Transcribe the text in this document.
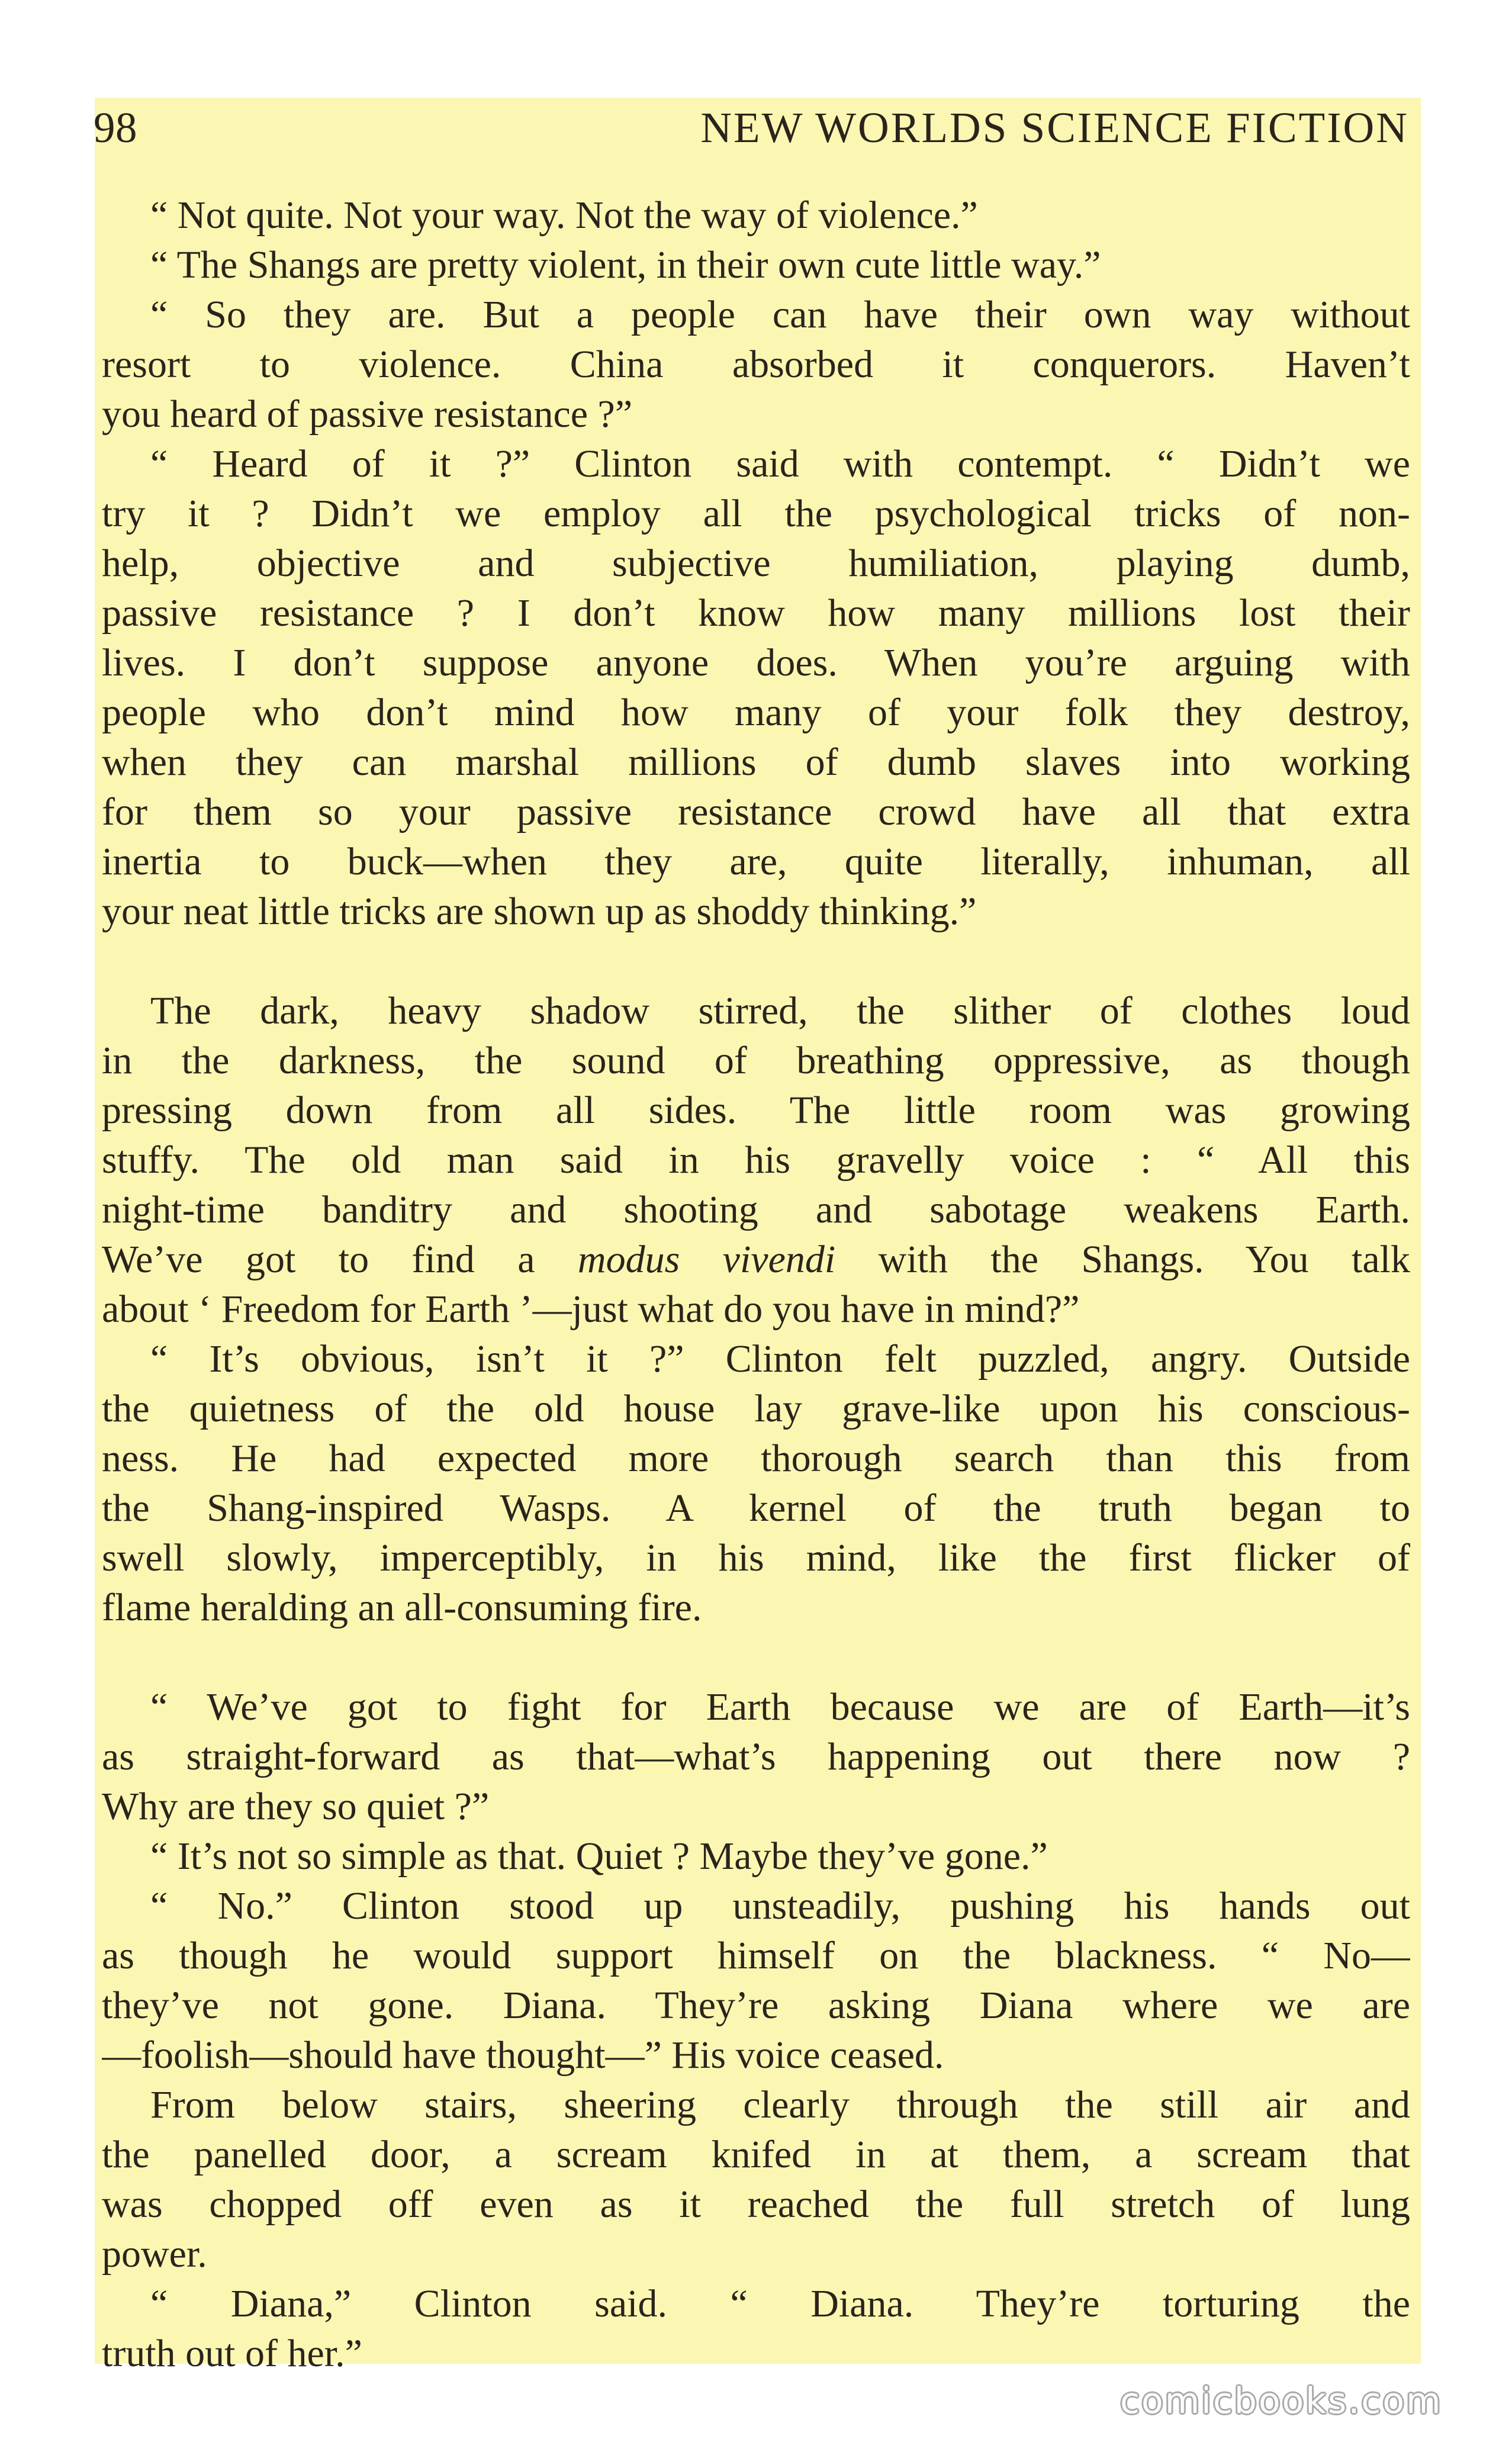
98	NEW WORLDS SCIENCE FICTION
“ Not quite. Not your way. Not the way of violence.”
“ The Shangs are pretty violent, in their own cute little way.”
“ So they are. But a people can have their own way without
resort to violence. China absorbed it conquerors. Haven’t
you heard of passive resistance ?”
“ Heard of it ?” Clinton said with contempt. “ Didn’t we
try it ? Didn’t we employ all the psychological tricks of non-
help, objective and subjective humiliation, playing dumb,
passive resistance ? I don’t know how many millions lost their
lives. I don’t suppose anyone does. When you’re arguing with
people who don’t mind how many of your folk they destroy,
when they can marshal millions of dumb slaves into working
for them so your passive resistance crowd have all that extra
inertia to buck—when they are, quite literally, inhuman, all
your neat little tricks are shown up as shoddy thinking.”
The dark, heavy shadow stirred, the slither of clothes loud
in the darkness, the sound of breathing oppressive, as though
pressing down from all sides. The little room was growing
stuffy. The old man said in his gravelly voice : “ All this
night-time banditry and shooting and sabotage weakens Earth.
We’ve got to find a modus vivendi with the Shangs. You talk
about ‘ Freedom for Earth ’—just what do you have in mind?”
“ It’s obvious, isn’t it ?” Clinton felt puzzled, angry. Outside
the quietness of the old house lay grave-like upon his conscious-
ness. He had expected more thorough search than this from
the Shang-inspired Wasps. A kernel of the truth began to
swell slowly, imperceptibly, in his mind, like the first flicker of
flame heralding an all-consuming fire.
“ We’ve got to fight for Earth because we are of Earth—it’s
as straight-forward as that—what’s happening out there now ?
Why are they so quiet ?”
“ It’s not so simple as that. Quiet ? Maybe they’ve gone.”
“ No.” Clinton stood up unsteadily, pushing his hands out
as though he would support himself on the blackness. “ No—
they’ve not gone. Diana. They’re asking Diana where we are
—foolish—should have thought—” His voice ceased.
From below stairs, sheering clearly through the still air and
the panelled door, a scream knifed in at them, a scream that
was chopped off even as it reached the full stretch of lung
power.
“ Diana,” Clinton said. “ Diana. They’re torturing the
truth out of her.”
comicbooks.com
